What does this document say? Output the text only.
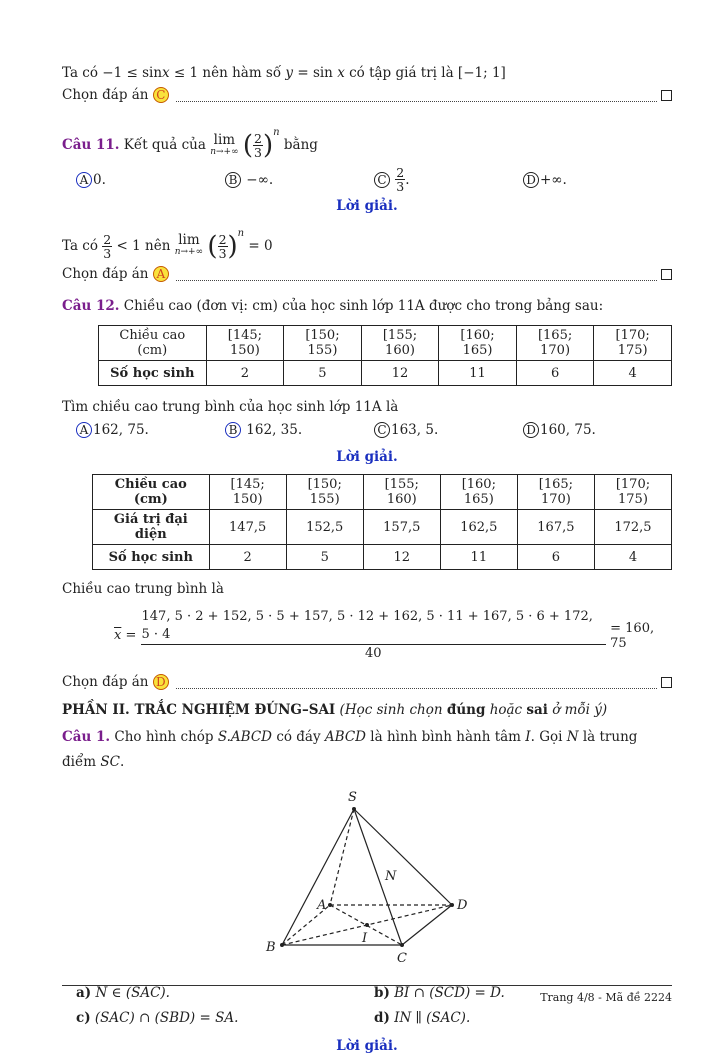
Ta có −1 ≤ sinx ≤ 1 nên hàm số y = sin x có tập giá trị là [−1; 1]
Chọn đáp án
C
Câu 11. Kết quả của lim
n→+∞ ( $\frac{2}{3} )^n$ bằng
A 0.	B
−∞.	C
$\frac{2}{3}$ .	D +∞.
Lời giải.
Ta có $\frac{2}{3} < 1$ nên lim
n→+∞ ( $\frac{2}{3} )^n = 0$
Chọn đáp án
A
Câu 12. Chiều cao (đơn vị: cm) của học sinh lớp 11A được cho trong bảng sau:
Chiều cao (cm)	[145; 150)	[150; 155)	[155; 160)	[160; 165)	[165; 170)	[170; 175)
Số học sinh	2	5	12	11	6	4
Tìm chiều cao trung bình của học sinh lớp 11A là
A 162, 75.	B
162, 35.	C 163, 5.	D 160, 75.
Lời giải.
Chiều cao (cm)	[145; 150)	[150; 155)	[155; 160)	[160; 165)	[165; 170)	[170; 175)
Giá trị đại diện	147,5	152,5	157,5	162,5	167,5	172,5
Số học sinh	2	5	12	11	6	4
Chiều cao trung bình là
$\overline{x}$ =
147, 5 · 2 + 152, 5 · 5 + 157, 5 · 12 + 162, 5 · 11 + 167, 5 · 6 + 172, 5 · 4
40

= 160, 75
Chọn đáp án
D
PHẦN II. TRẮC NGHIỆM ĐÚNG–SAI (Học sinh chọn đúng hoặc sai ở mỗi ý)
Câu 1. Cho hình chóp S.ABCD có đáy ABCD là hình bình hành tâm I. Gọi N là trung điểm SC.
S
A
B
C
D
I
N
a) N ∈ (SAC).	b) BI ∩ (SCD) = D.
c) (SAC) ∩ (SBD) = SA.	d) IN ∥ (SAC).
Lời giải.
Trang 4/8 - Mã đề 2224
